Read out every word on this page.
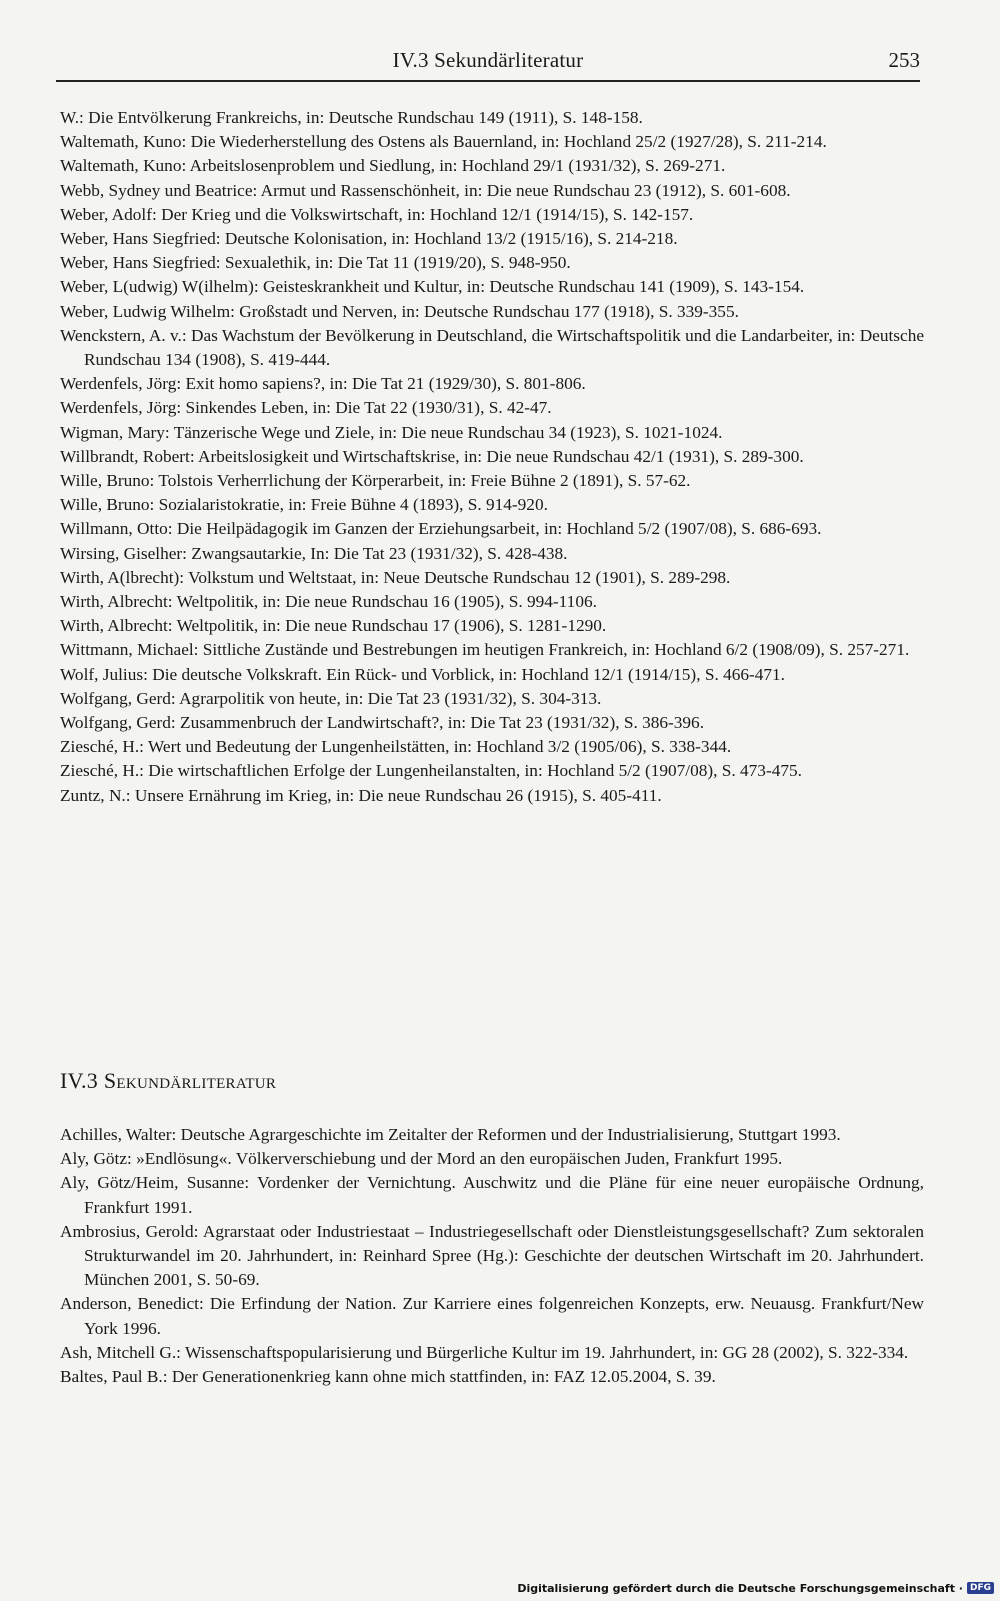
IV.3 Sekundärliteratur	253
W.: Die Entvölkerung Frankreichs, in: Deutsche Rundschau 149 (1911), S. 148-158.
Waltemath, Kuno: Die Wiederherstellung des Ostens als Bauernland, in: Hochland 25/2 (1927/28), S. 211-214.
Waltemath, Kuno: Arbeitslosenproblem und Siedlung, in: Hochland 29/1 (1931/32), S. 269-271.
Webb, Sydney und Beatrice: Armut und Rassenschönheit, in: Die neue Rundschau 23 (1912), S. 601-608.
Weber, Adolf: Der Krieg und die Volkswirtschaft, in: Hochland 12/1 (1914/15), S. 142-157.
Weber, Hans Siegfried: Deutsche Kolonisation, in: Hochland 13/2 (1915/16), S. 214-218.
Weber, Hans Siegfried: Sexualethik, in: Die Tat 11 (1919/20), S. 948-950.
Weber, L(udwig) W(ilhelm): Geisteskrankheit und Kultur, in: Deutsche Rundschau 141 (1909), S. 143-154.
Weber, Ludwig Wilhelm: Großstadt und Nerven, in: Deutsche Rundschau 177 (1918), S. 339-355.
Wenckstern, A. v.: Das Wachstum der Bevölkerung in Deutschland, die Wirtschaftspolitik und die Landarbeiter, in: Deutsche Rundschau 134 (1908), S. 419-444.
Werdenfels, Jörg: Exit homo sapiens?, in: Die Tat 21 (1929/30), S. 801-806.
Werdenfels, Jörg: Sinkendes Leben, in: Die Tat 22 (1930/31), S. 42-47.
Wigman, Mary: Tänzerische Wege und Ziele, in: Die neue Rundschau 34 (1923), S. 1021-1024.
Willbrandt, Robert: Arbeitslosigkeit und Wirtschaftskrise, in: Die neue Rundschau 42/1 (1931), S. 289-300.
Wille, Bruno: Tolstois Verherrlichung der Körperarbeit, in: Freie Bühne 2 (1891), S. 57-62.
Wille, Bruno: Sozialaristokratie, in: Freie Bühne 4 (1893), S. 914-920.
Willmann, Otto: Die Heilpädagogik im Ganzen der Erziehungsarbeit, in: Hochland 5/2 (1907/08), S. 686-693.
Wirsing, Giselher: Zwangsautarkie, In: Die Tat 23 (1931/32), S. 428-438.
Wirth, A(lbrecht): Volkstum und Weltstaat, in: Neue Deutsche Rundschau 12 (1901), S. 289-298.
Wirth, Albrecht: Weltpolitik, in: Die neue Rundschau 16 (1905), S. 994-1106.
Wirth, Albrecht: Weltpolitik, in: Die neue Rundschau 17 (1906), S. 1281-1290.
Wittmann, Michael: Sittliche Zustände und Bestrebungen im heutigen Frankreich, in: Hochland 6/2 (1908/09), S. 257-271.
Wolf, Julius: Die deutsche Volkskraft. Ein Rück- und Vorblick, in: Hochland 12/1 (1914/15), S. 466-471.
Wolfgang, Gerd: Agrarpolitik von heute, in: Die Tat 23 (1931/32), S. 304-313.
Wolfgang, Gerd: Zusammenbruch der Landwirtschaft?, in: Die Tat 23 (1931/32), S. 386-396.
Ziesché, H.: Wert und Bedeutung der Lungenheilstätten, in: Hochland 3/2 (1905/06), S. 338-344.
Ziesché, H.: Die wirtschaftlichen Erfolge der Lungenheilanstalten, in: Hochland 5/2 (1907/08), S. 473-475.
Zuntz, N.: Unsere Ernährung im Krieg, in: Die neue Rundschau 26 (1915), S. 405-411.
IV.3 Sekundärliteratur
Achilles, Walter: Deutsche Agrargeschichte im Zeitalter der Reformen und der Industrialisierung, Stuttgart 1993.
Aly, Götz: »Endlösung«. Völkerverschiebung und der Mord an den europäischen Juden, Frankfurt 1995.
Aly, Götz/Heim, Susanne: Vordenker der Vernichtung. Auschwitz und die Pläne für eine neuer europäische Ordnung, Frankfurt 1991.
Ambrosius, Gerold: Agrarstaat oder Industriestaat – Industriegesellschaft oder Dienstleistungsgesellschaft? Zum sektoralen Strukturwandel im 20. Jahrhundert, in: Reinhard Spree (Hg.): Geschichte der deutschen Wirtschaft im 20. Jahrhundert. München 2001, S. 50-69.
Anderson, Benedict: Die Erfindung der Nation. Zur Karriere eines folgenreichen Konzepts, erw. Neuausg. Frankfurt/New York 1996.
Ash, Mitchell G.: Wissenschaftspopularisierung und Bürgerliche Kultur im 19. Jahrhundert, in: GG 28 (2002), S. 322-334.
Baltes, Paul B.: Der Generationenkrieg kann ohne mich stattfinden, in: FAZ 12.05.2004, S. 39.
Digitalisierung gefördert durch die Deutsche Forschungsgemeinschaft · DFG
